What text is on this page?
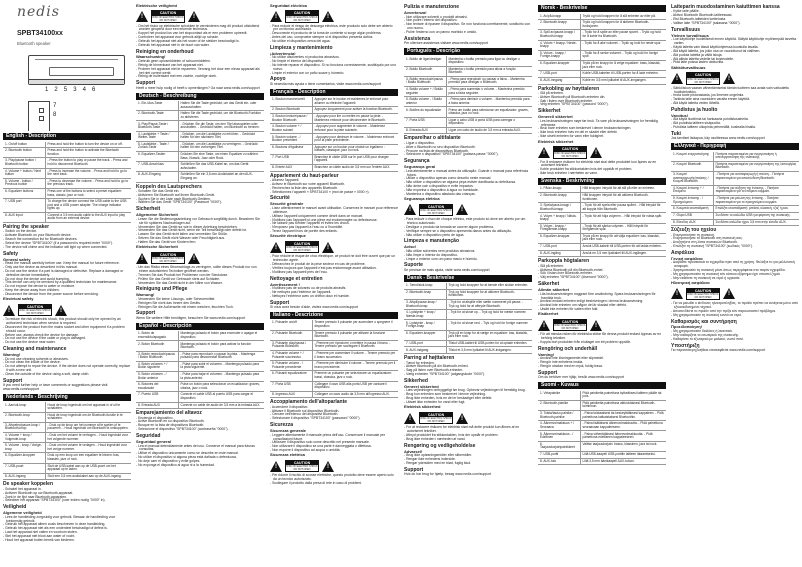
nedis
SPBT34100xx
Bluetooth speaker
1 2 5 3 4 6
7
8
English - Description
1. On/off button	Press and hold the button to turn the device on or off.
2. Bluetooth button	Press and hold the button to activate the Bluetooth function.
3. Play/pause button / Bluetooth button	- Press the button to play or pause the track. - Press and hold to disconnect Bluetooth.
4. Volume + button / Next button	- Press to increase the volume. - Press and hold to go to the next track.
5. Volume - button / Previous button	- Press to decrease the volume. - Press and hold to go to the previous track.
6. Equalizer buttons	Press one of the buttons to select a preset equalizer: bass, classic, jazz or rock.
7. USB port	To charge the device connect the USB cable to the USB port and a USB power adapter. The charge indicator lights up.
8. AUX input	Connect a 3.5 mm audio cable to the AUX input to play audio from an external device.
Pairing the speaker
- Switch on the device.
- Activate Bluetooth on your Bluetooth device.
- Search the connection list for Bluetooth devices.
- Select the device "SPBT34100" (if a password is required enter "0000").
- The device will chime and the indicator will light up when connected.
Safety
General safety
- Read the manual carefully before use. Keep the manual for future reference.
- Only use the device as described in this manual.
- Do not use the device if a part is damaged or defective. Replace a damaged or defective device immediately.
- Do not drop the device and avoid bumping.
- This device can only be serviced by a qualified technician for maintenance.
- Do not expose the device to water or moisture.
- Keep the device away from children.
- Disconnect the device from the power source before servicing.
Electrical safety
!
CAUTION
RISK OF ELECTRIC SHOCK
DO NOT OPEN
!
- To reduce the risk of electric shock, this product should only be opened by an authorized technician when service is required.
- Disconnect the product from the mains socket and other equipment if a problem should occur.
- Before use, always check the device for damage.
- Do not use the device if the cable or plug is damaged.
- Do not use the device near water.
Cleaning and maintenance
Warning!
- Do not use cleaning solvents or abrasives.
- Do not clean the inside of the device.
- Do not attempt to repair the device. If the device does not operate correctly, replace it with a new unit.
- Clean the outside of the device using a soft, damp cloth.
Support
If you need further help or have comments or suggestions please visit www.nedis.com/support
Nederlands - Beschrijving
1. Aan/uit-knop	Houd de knop ingedrukt om het apparaat in of uit te schakelen.
2. Bluetooth-knop	Houd de knop ingedrukt om de Bluetooth-functie in te schakelen.
3. Afspelen/pauze-knop / Bluetooth-knop	- Druk op de knop om het nummer af te spelen of te pauzeren. - Houd ingedrukt om Bluetooth te ontkoppelen.
4. Volume + knop / Volgende-knop	- Druk om het volume te verhogen. - Houd ingedrukt voor het volgende nummer.
5. Volume - knop / Vorige-knop	- Druk om het volume te verlagen. - Houd ingedrukt voor het vorige nummer.
6. Equalizer-knoppen	Druk op een knop om een equalizer te kiezen: bas, klassiek, jazz of rock.
7. USB-poort	Sluit de USB-kabel aan op de USB-poort om het apparaat op te laden.
8. AUX-ingang	Sluit een 3,5 mm audiokabel aan op de AUX-ingang.
De speaker koppelen
- Schakel het apparaat in.
- Activeer Bluetooth op uw Bluetooth-apparaat.
- Zoek in de lijst naar Bluetooth-apparaten.
- Selecteer het apparaat "SPBT34100" (voer indien nodig "0000" in).
Veiligheid
Algemene veiligheid
- Lees de handleiding zorgvuldig voor gebruik. Bewaar de handleiding voor toekomstig gebruik.
- Gebruik het apparaat alleen zoals beschreven in deze handleiding.
- Gebruik het apparaat niet als een onderdeel beschadigd of defect is.
- Laat het apparaat niet vallen en voorkom stoten.
- Stel het apparaat niet bloot aan water of vocht.
- Houd het apparaat buiten bereik van kinderen.
Elektrische veiligheid
!
CAUTION
RISK OF ELECTRIC SHOCK
DO NOT OPEN
!
- Om het risico op elektrische schokken te verminderen mag dit product uitsluitend worden geopend door een erkende technicus.
- Koppel het product los van het stopcontact als er een probleem optreedt.
- Controleer het apparaat voor gebruik altijd op schade.
- Gebruik het apparaat niet als het snoer of de stekker beschadigd is.
- Gebruik het apparaat niet in de buurt van water.
Reiniging en onderhoud
Waarschuwing!
- Gebruik geen oplosmiddelen of schuurmiddelen.
- Reinig de binnenkant van het apparaat niet.
- Probeer het apparaat niet te repareren. Vervang het door een nieuw apparaat als het niet correct werkt.
- Reinig de buitenkant met een zachte, vochtige doek.
Support
Heeft u meer hulp nodig of heeft u opmerkingen? Ga naar www.nedis.com/support
Deutsch - Beschreibung
1. Ein-/Aus-Taste	Halten Sie die Taste gedrückt, um das Gerät ein- oder auszuschalten.
2. Bluetooth-Taste	Halten Sie die Taste gedrückt, um die Bluetooth-Funktion zu aktivieren.
3. Play/Pause-Taste / Bluetooth-Taste	- Drücken Sie die Taste, um den Titel abzuspielen oder anzuhalten. - Gedrückt halten, um Bluetooth zu trennen.
4. Lautstärke + Taste / Weiter-Taste	- Drücken, um die Lautstärke zu erhöhen. - Gedrückt halten für den nächsten Titel.
5. Lautstärke - Taste / Zurück-Taste	- Drücken, um die Lautstärke zu verringern. - Gedrückt halten für den vorherigen Titel.
6. Equalizer-Tasten	Drücken Sie eine Taste, um einen Equalizer zu wählen: Bass, Klassik, Jazz oder Rock.
7. USB-Anschluss	Schließen Sie das USB-Kabel an, um das Gerät aufzuladen.
8. AUX-Eingang	Schließen Sie ein 3,5-mm-Audiokabel an den AUX-Eingang an.
Koppeln des Lautsprechers
- Schalten Sie das Gerät ein.
- Aktivieren Sie Bluetooth auf Ihrem Bluetooth-Gerät.
- Suchen Sie in der Liste nach Bluetooth-Geräten.
- Wählen Sie das Gerät "SPBT34100" (Passwort "0000").
Sicherheit
Allgemeine Sicherheit
- Lesen Sie die Bedienungsanleitung vor Gebrauch sorgfältig durch. Bewahren Sie sie für späteres Nachschlagen auf.
- Verwenden Sie das Gerät nur wie in dieser Anleitung beschrieben.
- Verwenden Sie das Gerät nicht, wenn ein Teil beschädigt oder defekt ist.
- Lassen Sie das Gerät nicht fallen und vermeiden Sie Stöße.
- Setzen Sie das Gerät nicht Wasser oder Feuchtigkeit aus.
- Halten Sie das Gerät von Kindern fern.
Elektrische Sicherheit
!
CAUTION
RISK OF ELECTRIC SHOCK
DO NOT OPEN
!
- Um das Risiko eines Stromschlags zu verringern, sollte dieses Produkt nur von einem autorisierten Techniker geöffnet werden.
- Trennen Sie das Produkt bei Problemen von der Steckdose.
- Prüfen Sie das Gerät vor Gebrauch stets auf Schäden.
- Verwenden Sie das Gerät nicht in der Nähe von Wasser.
Reinigung und Pflege
Warnung!
- Verwenden Sie keine Lösungs- oder Scheuermittel.
- Reinigen Sie nicht das Innere des Geräts.
- Reinigen Sie die Außenseite mit einem weichen, feuchten Tuch.
Support
Wenn Sie weitere Hilfe benötigen, besuchen Sie www.nedis.com/support
Español - Descripción
1. Botón de encendido/apagado	Mantenga pulsado el botón para encender o apagar el dispositivo.
2. Botón Bluetooth	Mantenga pulsado el botón para activar la función Bluetooth.
3. Botón reproducir/pausa / Botón Bluetooth	- Pulse para reproducir o pausar la pista. - Mantenga pulsado para desconectar Bluetooth.
4. Botón volumen + / Botón siguiente	- Pulse para subir el volumen. - Mantenga pulsado para la pista siguiente.
5. Botón volumen - / Botón anterior	- Pulse para bajar el volumen. - Mantenga pulsado para la pista anterior.
6. Botones del ecualizador	Pulse un botón para seleccionar un ecualizador: graves, clásica, jazz o rock.
7. Puerto USB	Conecte el cable USB al puerto USB para cargar el dispositivo.
8. Entrada AUX	Conecte un cable de audio de 3,5 mm a la entrada AUX.
Emparejamiento del altavoz
- Encienda el dispositivo.
- Active Bluetooth en su dispositivo Bluetooth.
- Busque en la lista de dispositivos Bluetooth.
- Seleccione el dispositivo "SPBT34100" (contraseña "0000").
Seguridad
Seguridad general
- Lea el manual detenidamente antes del uso. Conserve el manual para futuras consultas.
- Utilice el dispositivo únicamente como se describe en este manual.
- No utilice el dispositivo si alguna pieza está dañada o defectuosa.
- No deje caer el dispositivo y evite golpes.
- No exponga el dispositivo al agua ni a la humedad.
Seguridad eléctrica
!
CAUTION
RISK OF ELECTRIC SHOCK
DO NOT OPEN
!
- Para reducir el riesgo de descarga eléctrica, este producto solo debe ser abierto por un técnico autorizado.
- Desconecte el producto de la toma de corriente si surge algún problema.
- Antes del uso, compruebe siempre si el dispositivo presenta daños.
- No utilice el dispositivo cerca del agua.
Limpieza y mantenimiento
¡Advertencia!
- No utilice disolventes ni productos abrasivos.
- No limpie el interior del dispositivo.
- No intente reparar el dispositivo. Si no funciona correctamente, sustitúyalo por uno nuevo.
- Limpie el exterior con un paño suave y húmedo.
Apoyo
Si necesita más ayuda o tiene comentarios, visite www.nedis.com/support
Français - Description
1. Bouton marche/arrêt	Appuyez sur le bouton et maintenez-le enfoncé pour allumer ou éteindre l'appareil.
2. Bouton Bluetooth	Appuyez longuement pour activer la fonction Bluetooth.
3. Bouton lecture/pause / Bouton Bluetooth	- Appuyez pour lire ou mettre en pause la piste. - Maintenez enfoncé pour déconnecter le Bluetooth.
4. Bouton volume + / Bouton suivant	- Appuyez pour augmenter le volume. - Maintenez enfoncé pour la piste suivante.
5. Bouton volume - / Bouton précédent	- Appuyez pour diminuer le volume. - Maintenez enfoncé pour la piste précédente.
6. Boutons d'égaliseur	Appuyez sur un bouton pour choisir un égaliseur : basses, classique, jazz ou rock.
7. Port USB	Branchez le câble USB sur le port USB pour charger l'appareil.
8. Entrée AUX	Branchez un câble audio de 3,5 mm sur l'entrée AUX.
Appariement du haut-parleur
- Allumez l'appareil.
- Activez le Bluetooth sur votre appareil Bluetooth.
- Recherchez la liste des appareils Bluetooth.
- Sélectionnez l'appareil « SPBT34100 » (mot de passe « 0000 »).
Sécurité
Sécurité générale
- Lisez attentivement le manuel avant utilisation. Conservez le manuel pour référence ultérieure.
- Utilisez l'appareil uniquement comme décrit dans ce manuel.
- N'utilisez pas l'appareil si une pièce est endommagée ou défectueuse.
- Ne laissez pas tomber l'appareil et évitez les chocs.
- N'exposez pas l'appareil à l'eau ou à l'humidité.
- Tenez l'appareil hors de portée des enfants.
Sécurité électrique
!
CAUTION
RISK OF ELECTRIC SHOCK
DO NOT OPEN
!
- Pour réduire le risque de choc électrique, ce produit ne doit être ouvert que par un technicien agréé.
- Débranchez le produit de la prise secteur en cas de problème.
- Vérifiez toujours que l'appareil n'est pas endommagé avant utilisation.
- N'utilisez pas l'appareil près de l'eau.
Nettoyage et entretien
Avertissement !
- N'utilisez pas de solvants ou de produits abrasifs.
- Ne nettoyez pas l'intérieur de l'appareil.
- Nettoyez l'extérieur avec un chiffon doux et humide.
Support
Si vous avez besoin d'aide, visitez www.nedis.com/support
Italiano - Descrizione
1. Pulsante on/off	Tenere premuto il pulsante per accendere o spegnere il dispositivo.
2. Pulsante Bluetooth	Tenere premuto il pulsante per attivare la funzione Bluetooth.
3. Pulsante play/pausa / Pulsante Bluetooth	- Premere per riprodurre o mettere in pausa il brano. - Tenere premuto per scollegare il Bluetooth.
4. Pulsante volume + / Pulsante successivo	- Premere per aumentare il volume. - Tenere premuto per il brano successivo.
5. Pulsante volume - / Pulsante precedente	- Premere per diminuire il volume. - Tenere premuto per il brano precedente.
6. Pulsanti equalizzatore	Premere un pulsante per selezionare un equalizzatore: bassi, classica, jazz o rock.
7. Porta USB	Collegare il cavo USB alla porta USB per caricare il dispositivo.
8. Ingresso AUX	Collegare un cavo audio da 3,5 mm all'ingresso AUX.
Accoppiamento dell'altoparlante
- Accendere il dispositivo.
- Attivare il Bluetooth sul dispositivo Bluetooth.
- Cercare nell'elenco dei dispositivi Bluetooth.
- Selezionare il dispositivo "SPBT34100" (password "0000").
Sicurezza
Sicurezza generale
- Leggere attentamente il manuale prima dell'uso. Conservare il manuale per consultazioni future.
- Utilizzare il dispositivo solo come descritto nel presente manuale.
- Non utilizzare il dispositivo se una parte è danneggiata o difettosa.
- Non esporre il dispositivo ad acqua o umidità.
Sicurezza elettrica
!
CAUTION
RISK OF ELECTRIC SHOCK
DO NOT OPEN
!
- Per ridurre il rischio di scosse elettriche, questo prodotto deve essere aperto solo da un tecnico autorizzato.
- Scollegare il prodotto dalla presa di rete in caso di problemi.
Pulizia e manutenzione
Avvertenza!
- Non utilizzare solventi o prodotti abrasivi.
- Non pulire l'interno del dispositivo.
- Non tentare di riparare il dispositivo. Se non funziona correttamente, sostituirlo con uno nuovo.
- Pulire l'esterno con un panno morbido e umido.
Assistenza
Per ulteriore assistenza visitare www.nedis.com/support
Português - Descrição
1. Botão de ligar/desligar	Mantenha o botão premido para ligar ou desligar o dispositivo.
2. Botão Bluetooth	Mantenha o botão premido para ativar a função Bluetooth.
3. Botão reproduzir/pausa / Botão Bluetooth	- Prima para reproduzir ou pausar a faixa. - Mantenha premido para desligar o Bluetooth.
4. Botão volume + / Botão seguinte	- Prima para aumentar o volume. - Mantenha premido para a faixa seguinte.
5. Botão volume - / Botão anterior	- Prima para diminuir o volume. - Mantenha premido para a faixa anterior.
6. Botões do equalizador	Prima um botão para selecionar um equalizador: graves, clássica, jazz ou rock.
7. Porta USB	Ligue o cabo USB à porta USB para carregar o dispositivo.
8. Entrada AUX	Ligue um cabo de áudio de 3,5 mm à entrada AUX.
Emparelhar o altifalante
- Ligue o dispositivo.
- Ative o Bluetooth no seu dispositivo Bluetooth.
- Procure na lista de dispositivos Bluetooth.
- Selecione o dispositivo "SPBT34100" (palavra-passe "0000").
Segurança
Segurança geral
- Leia atentamente o manual antes da utilização. Guarde o manual para referência futura.
- Utilize o dispositivo apenas como descrito neste manual.
- Não utilize o dispositivo se alguma peça estiver danificada ou defeituosa.
- Não deixe cair o dispositivo e evite impactos.
- Não exponha o dispositivo à água ou humidade.
- Mantenha o dispositivo afastado das crianças.
Segurança elétrica
!
CAUTION
RISK OF ELECTRIC SHOCK
DO NOT OPEN
!
- Para reduzir o risco de choque elétrico, este produto só deve ser aberto por um técnico autorizado.
- Desligue o produto da tomada se ocorrer algum problema.
- Verifique sempre se o dispositivo apresenta danos antes da utilização.
- Não utilize o dispositivo perto de água.
Limpeza e manutenção
Aviso!
- Não utilize solventes nem produtos abrasivos.
- Não limpe o interior do dispositivo.
- Limpe o exterior com um pano macio e húmido.
Suporte
Se precisar de mais ajuda, visite www.nedis.com/support
Dansk - Beskrivelse
1. Tænd/sluk-knap	Tryk og hold knappen for at tænde eller slukke enheden.
2. Bluetooth-knap	Tryk og hold knappen for at aktivere Bluetooth-funktionen.
3. Afspil/pause-knap / Bluetooth-knap	- Tryk for at afspille eller sætte nummeret på pause. - Tryk og hold for at afbryde Bluetooth.
4. Lydstyrke + knap / Næste-knap	- Tryk for at skrue op. - Tryk og hold for næste nummer.
5. Lydstyrke - knap / Forrige-knap	- Tryk for at skrue ned. - Tryk og hold for forrige nummer.
6. Equalizer-knapper	Tryk på en knap for at vælge en equalizer: bas, klassisk, jazz eller rock.
7. USB-port	Tilslut USB-kablet til USB-porten for at oplade enheden.
8. AUX-indgang	Tilslut et 3,5 mm lydkabel til AUX-indgangen.
Parring af højttaleren
- Tænd for enheden.
- Aktiver Bluetooth på din Bluetooth-enhed.
- Søg på listen over Bluetooth-enheder.
- Vælg enheden "SPBT34100" (adgangskode "0000").
Sikkerhed
Generel sikkerhed
- Læs vejledningen omhyggeligt før brug. Opbevar vejledningen til fremtidig brug.
- Brug kun enheden som beskrevet i denne vejledning.
- Brug ikke enheden, hvis en del er beskadiget eller defekt.
- Udsæt ikke enheden for vand eller fugt.
Elektrisk sikkerhed
!
CAUTION
RISK OF ELECTRIC SHOCK
DO NOT OPEN
!
- For at reducere risikoen for elektrisk stød må dette produkt kun åbnes af en autoriseret tekniker.
- Afbryd produktet fra stikkontakten, hvis der opstår et problem.
- Brug ikke enheden i nærheden af vand.
Rengøring og vedligeholdelse
Advarsel!
- Brug ikke opløsningsmidler eller slibemidler.
- Rengør ikke enhedens inderside.
- Rengør ydersiden med en blød, fugtig klud.
Support
Hvis du har brug for hjælp, besøg www.nedis.com/support
Norsk - Beskrivelse
1. Av/på-knapp	Trykk og hold knappen for å slå enheten av eller på.
2. Bluetooth-knapp	Trykk og hold knappen for å aktivere Bluetooth-funksjonen.
3. Spill av/pause-knapp / Bluetooth-knapp	- Trykk for å spille av eller pause sporet. - Trykk og hold for å koble fra Bluetooth.
4. Volum + knapp / Neste-knapp	- Trykk for å øke volumet. - Trykk og hold for neste spor.
5. Volum - knapp / Forrige-knapp	- Trykk for å senke volumet. - Trykk og hold for forrige spor.
6. Equalizer-knapper	Trykk på en knapp for å velge equalizer: bass, klassisk, jazz eller rock.
7. USB-port	Koble USB-kabelen til USB-porten for å lade enheten.
8. AUX-inngang	Koble en 3,5 mm lydkabel til AUX-inngangen.
Parkobling av høyttaleren
- Slå på enheten.
- Aktiver Bluetooth på Bluetooth-enheten din.
- Søk i listen over Bluetooth-enheter.
- Velg enheten "SPBT34100" (passord "0000").
Sikkerhet
Generell sikkerhet
- Les bruksanvisningen nøye før bruk. Ta vare på bruksanvisningen for fremtidig referanse.
- Bruk bare enheten som beskrevet i denne bruksanvisningen.
- Ikke bruk enheten hvis en del er skadet eller defekt.
- Ikke utsett enheten for vann eller fuktighet.
Elektrisk sikkerhet
!
CAUTION
RISK OF ELECTRIC SHOCK
DO NOT OPEN
!
- For å redusere risikoen for elektrisk støt skal dette produktet kun åpnes av en autorisert tekniker.
- Koble produktet fra stikkontakten hvis det oppstår et problem.
- Ikke bruk enheten i nærheten av vann.
Svenska - Beskrivning
1. På/av-knapp	Håll knappen intryckt för att slå på eller av enheten.
2. Bluetooth-knapp	Håll knappen intryckt för att aktivera Bluetooth-funktionen.
3. Spela/paus-knapp / Bluetooth-knapp	- Tryck för att spela eller pausa spåret. - Håll intryckt för att koppla från Bluetooth.
4. Volym + knapp / Nästa-knapp	- Tryck för att höja volymen. - Håll intryckt för nästa spår.
5. Volym - knapp / Föregående-knapp	- Tryck för att sänka volymen. - Håll intryckt för föregående spår.
6. Equalizer-knappar	Tryck på en knapp för att välja equalizer: bas, klassisk, jazz eller rock.
7. USB-port	Anslut USB-kabeln till USB-porten för att ladda enheten.
8. AUX-ingång	Anslut en 3,5 mm ljudkabel till AUX-ingången.
Parkoppla högtalaren
- Slå på enheten.
- Aktivera Bluetooth på din Bluetooth-enhet.
- Sök i listan över Bluetooth-enheter.
- Välj enheten "SPBT34100" (lösenord "0000").
Säkerhet
Allmän säkerhet
- Läs bruksanvisningen noggrant före användning. Spara bruksanvisningen för framtida bruk.
- Använd endast enheten enligt beskrivningen i denna bruksanvisning.
- Använd inte enheten om någon del är skadad eller defekt.
- Utsätt inte enheten för vatten eller fukt.
Elsäkerhet
!
CAUTION
RISK OF ELECTRIC SHOCK
DO NOT OPEN
!
- För att minska risken för elektriska stötar får denna produkt endast öppnas av en behörig tekniker.
- Koppla bort produkten från eluttaget om ett problem uppstår.
Rengöring och underhåll
Varning!
- Använd inte lösningsmedel eller slipmedel.
- Rengör inte enhetens insida.
- Rengör utsidan med en mjuk, fuktig trasa.
Support
Om du behöver mer hjälp, besök www.nedis.com/support
Suomi - Kuvaus
1. Virtapainike	Pidä painiketta painettuna kytkeäksesi laitteen päälle tai pois.
2. Bluetooth-painike	Pidä painiketta painettuna aktivoidaksesi Bluetooth-toiminnon.
3. Toista/tauko-painike / Bluetooth-painike	- Paina toistaaksesi tai keskeyttääksesi kappaleen. - Pidä painettuna katkaistaksesi Bluetoothin.
4. Äänenvoimakkuus + / Seuraava	- Paina lisätäksesi äänenvoimakkuutta. - Pidä painettuna seuraavaan kappaleeseen.
5. Äänenvoimakkuus - / Edellinen	- Paina vähentääksesi äänenvoimakkuutta. - Pidä painettuna edelliseen kappaleeseen.
6. Taajuuskorjainpainikkeet	Valitse taajuuskorjain: basso, klassinen, jazz tai rock.
7. USB-portti	Liitä USB-kaapeli USB-porttiin laitteen lataamiseksi.
8. AUX-tulo	Liitä 3,5 mm äänikaapeli AUX-tuloon.
Laiteparin muodostaminen kaiuttimen kanssa
- Kytke laite päälle.
- Aktivoi Bluetooth Bluetooth-laitteessasi.
- Etsi Bluetooth-laitteiden luettelosta.
- Valitse laite "SPBT34100" (salasana "0000").
Turvallisuus
Yleinen turvallisuus
- Lue käyttöohje huolellisesti ennen käyttöä. Säilytä käyttöohje myöhempää tarvetta varten.
- Käytä laitetta vain tässä käyttöohjeessa kuvatulla tavalla.
- Älä käytä laitetta, jos jokin osa on vaurioitunut tai viallinen.
- Älä pudota laitetta ja vältä iskuja.
- Älä altista laitetta vedelle tai kosteudelle.
- Pidä laite poissa lasten ulottuvilta.
Sähköturvallisuus
!
CAUTION
RISK OF ELECTRIC SHOCK
DO NOT OPEN
!
- Sähköiskun vaaran vähentämiseksi tämän tuotteen saa avata vain valtuutettu huoltoteknikko.
- Irrota tuote pistorasiasta, jos ilmenee ongelmia.
- Tarkista laite aina vaurioiden varalta ennen käyttöä.
- Älä käytä laitetta veden lähellä.
Puhdistus ja huolto
Varoitus!
- Älä käytä liuottimia tai hankaavia puhdistusaineita.
- Älä puhdista laitteen sisäpuolta.
- Puhdista laitteen ulkopinta pehmeällä, kostealla liinalla.
Tuki
Jos tarvitset lisäapua, käy osoitteessa www.nedis.com/support
Ελληνικά - Περιγραφή
1. Κουμπί ενεργοποίησης	Πατήστε παρατεταμένα για ενεργοποίηση ή απενεργοποίηση της συσκευής.
2. Κουμπί Bluetooth	Πατήστε παρατεταμένα για ενεργοποίηση της λειτουργίας Bluetooth.
3. Κουμπί αναπαραγωγής/παύσης / Κουμπί Bluetooth	- Πατήστε για αναπαραγωγή ή παύση. - Πατήστε παρατεταμένα για αποσύνδεση Bluetooth.
4. Κουμπί έντασης + / Επόμενο	- Πατήστε για αύξηση της έντασης. - Πατήστε παρατεταμένα για το επόμενο κομμάτι.
5. Κουμπί έντασης - / Προηγούμενο	- Πατήστε για μείωση της έντασης. - Πατήστε παρατεταμένα για το προηγούμενο κομμάτι.
6. Κουμπιά ισοσταθμιστή	Επιλέξτε ισοσταθμιστή: μπάσα, κλασική, τζαζ ή ροκ.
7. Θύρα USB	Συνδέστε το καλώδιο USB για φόρτιση της συσκευής.
8. Είσοδος AUX	Συνδέστε καλώδιο ήχου 3,5 mm στην είσοδο AUX.
Σύζευξη του ηχείου
- Ενεργοποιήστε τη συσκευή.
- Ενεργοποιήστε το Bluetooth στη συσκευή σας.
- Αναζητήστε στη λίστα συσκευών Bluetooth.
- Επιλέξτε τη συσκευή "SPBT34100" (κωδικός "0000").
Ασφάλεια
Γενική ασφάλεια
- Διαβάστε προσεκτικά το εγχειρίδιο πριν από τη χρήση. Φυλάξτε το για μελλοντική αναφορά.
- Χρησιμοποιείτε τη συσκευή μόνο όπως περιγράφεται στο παρόν εγχειρίδιο.
- Μη χρησιμοποιείτε τη συσκευή εάν κάποιο εξάρτημα έχει υποστεί ζημιά.
- Μην εκθέτετε τη συσκευή σε νερό ή υγρασία.
Ηλεκτρική ασφάλεια
!
CAUTION
RISK OF ELECTRIC SHOCK
DO NOT OPEN
!
- Για να μειωθεί ο κίνδυνος ηλεκτροπληξίας, το προϊόν πρέπει να ανοίγεται μόνο από εξουσιοδοτημένο τεχνικό.
- Αποσυνδέστε το προϊόν από την πρίζα εάν παρουσιαστεί πρόβλημα.
- Μη χρησιμοποιείτε τη συσκευή κοντά σε νερό.
Καθαρισμός και συντήρηση
Προειδοποίηση!
- Μη χρησιμοποιείτε διαλύτες ή λειαντικά.
- Μην καθαρίζετε το εσωτερικό της συσκευής.
- Καθαρίστε το εξωτερικό με μαλακό, νωπό πανί.
Υποστήριξη
Για περισσότερη βοήθεια επισκεφθείτε www.nedis.com/support
